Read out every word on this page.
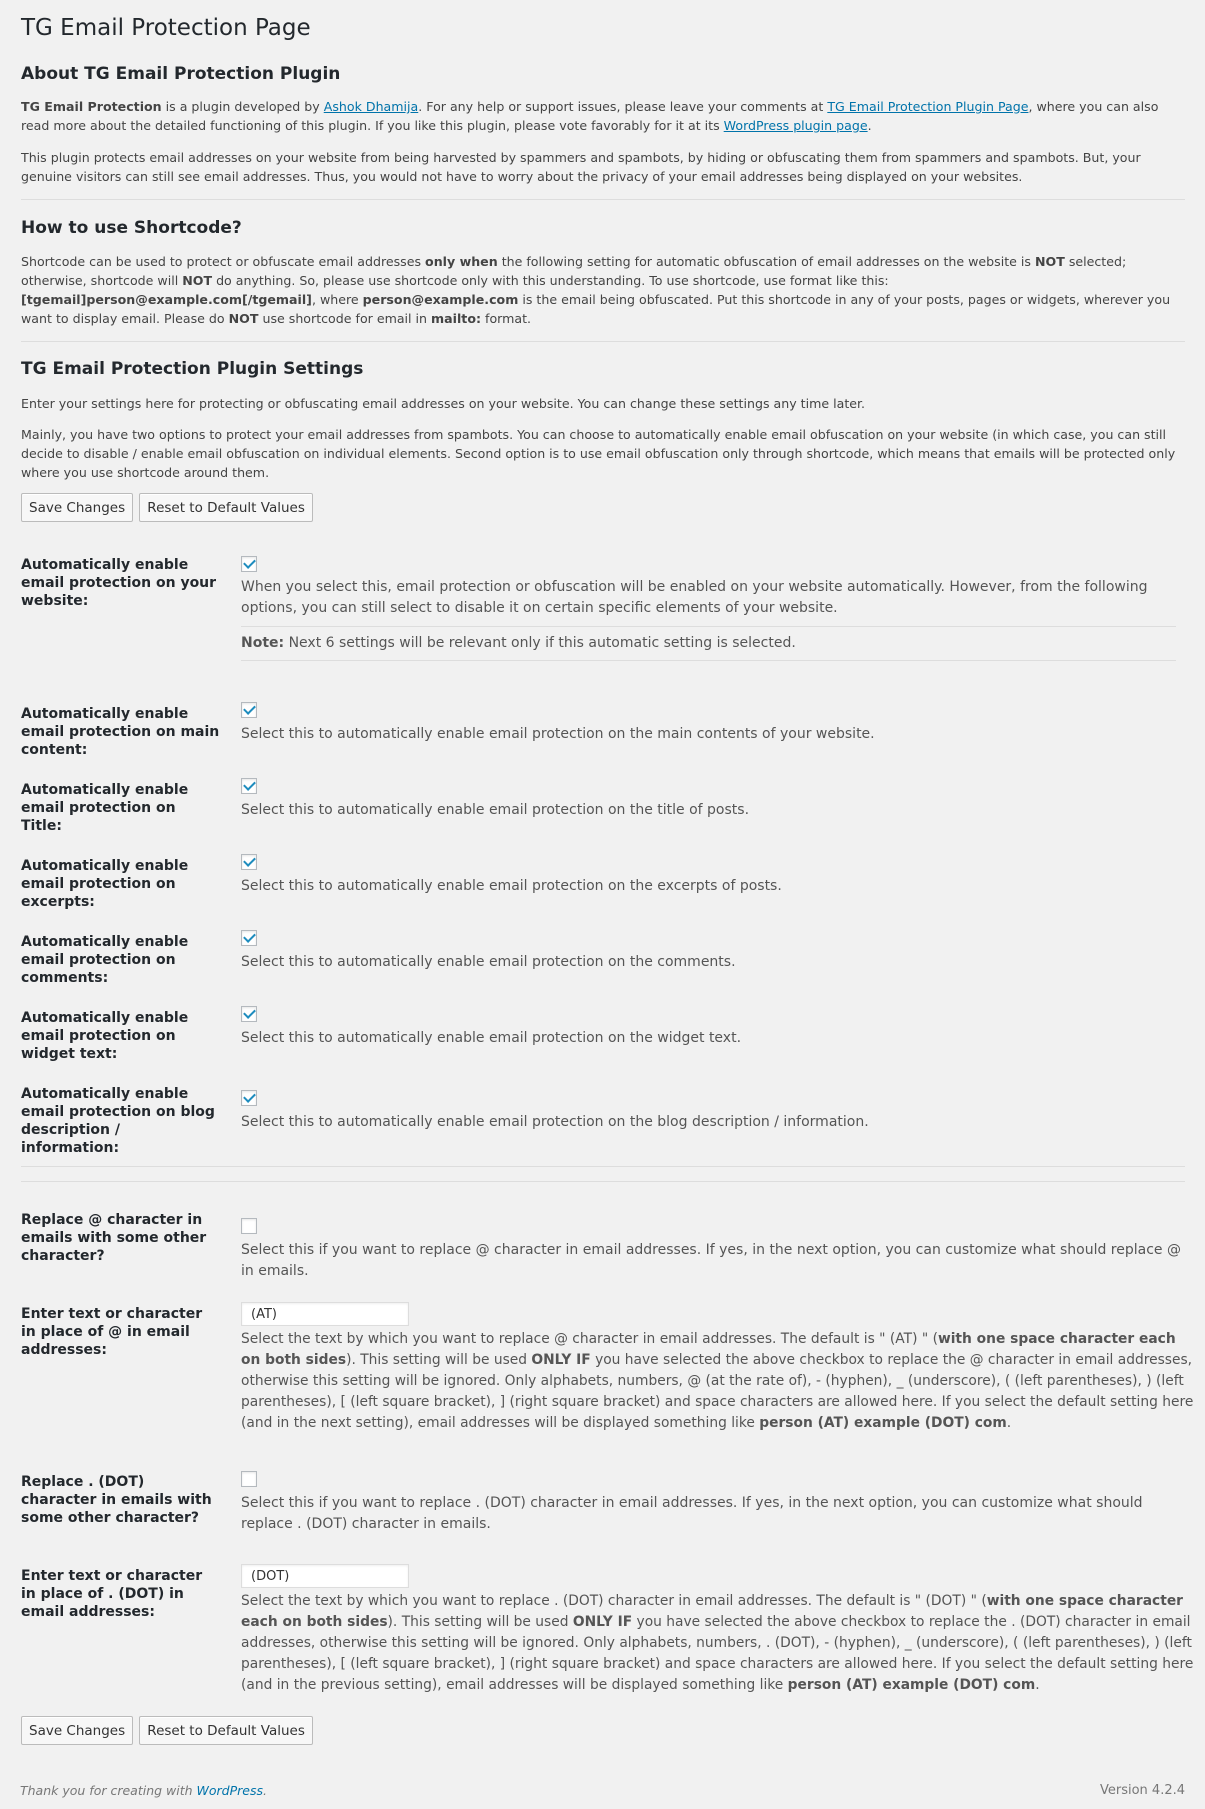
TG Email Protection Page
About TG Email Protection Plugin

TG Email Protection is a plugin developed by Ashok Dhamija. For any help or support issues, please leave your comments at TG Email Protection Plugin Page, where you can also read more about the detailed functioning of this plugin. If you like this plugin, please vote favorably for it at its WordPress plugin page.

This plugin protects email addresses on your website from being harvested by spammers and spambots, by hiding or obfuscating them from spammers and spambots. But, your genuine visitors can still see email addresses. Thus, you would not have to worry about the privacy of your email addresses being displayed on your websites.

How to use Shortcode?

Shortcode can be used to protect or obfuscate email addresses only when the following setting for automatic obfuscation of email addresses on the website is NOT selected; otherwise, shortcode will NOT do anything. So, please use shortcode only with this understanding. To use shortcode, use format like this: [tgemail]person@example.com[/tgemail], where person@example.com is the email being obfuscated. Put this shortcode in any of your posts, pages or widgets, wherever you want to display email. Please do NOT use shortcode for email in mailto: format.

TG Email Protection Plugin Settings

Enter your settings here for protecting or obfuscating email addresses on your website. You can change these settings any time later.

Mainly, you have two options to protect your email addresses from spambots. You can choose to automatically enable email obfuscation on your website (in which case, you can still decide to disable / enable email obfuscation on individual elements. Second option is to use email obfuscation only through shortcode, which means that emails will be protected only where you use shortcode around them.

Save Changes Reset to Default Values
Automatically enable email protection on your website:
When you select this, email protection or obfuscation will be enabled on your website automatically. However, from the following options, you can still select to disable it on certain specific elements of your website.
Note: Next 6 settings will be relevant only if this automatic setting is selected.
Automatically enable email protection on main content:
Select this to automatically enable email protection on the main contents of your website.
Automatically enable email protection on Title:
Select this to automatically enable email protection on the title of posts.
Automatically enable email protection on excerpts:
Select this to automatically enable email protection on the excerpts of posts.
Automatically enable email protection on comments:
Select this to automatically enable email protection on the comments.
Automatically enable email protection on widget text:
Select this to automatically enable email protection on the widget text.
Automatically enable email protection on blog description / information:
Select this to automatically enable email protection on the blog description / information.
Replace @ character in emails with some other character?	Select this if you want to replace @ character in email addresses. If yes, in the next option, you can customize what should replace @ in emails.
Enter text or character in place of @ in email addresses:
(AT)
Select the text by which you want to replace @ character in email addresses. The default is " (AT) " (with one space character each on both sides). This setting will be used ONLY IF you have selected the above checkbox to replace the @ character in email addresses, otherwise this setting will be ignored. Only alphabets, numbers, @ (at the rate of), - (hyphen), _ (underscore), ( (left parentheses), ) (left parentheses), [ (left square bracket), ] (right square bracket) and space characters are allowed here. If you select the default setting here (and in the next setting), email addresses will be displayed something like person (AT) example (DOT) com.
Replace . (DOT) character in emails with some other character?
Select this if you want to replace . (DOT) character in email addresses. If yes, in the next option, you can customize what should replace . (DOT) character in emails.
Enter text or character in place of . (DOT) in email addresses:
(DOT)
Select the text by which you want to replace . (DOT) character in email addresses. The default is " (DOT) " (with one space character each on both sides). This setting will be used ONLY IF you have selected the above checkbox to replace the . (DOT) character in email addresses, otherwise this setting will be ignored. Only alphabets, numbers, . (DOT), - (hyphen), _ (underscore), ( (left parentheses), ) (left parentheses), [ (left square bracket), ] (right square bracket) and space characters are allowed here. If you select the default setting here (and in the previous setting), email addresses will be displayed something like person (AT) example (DOT) com.
Save Changes Reset to Default Values
Thank you for creating with WordPress.	Version 4.2.4
